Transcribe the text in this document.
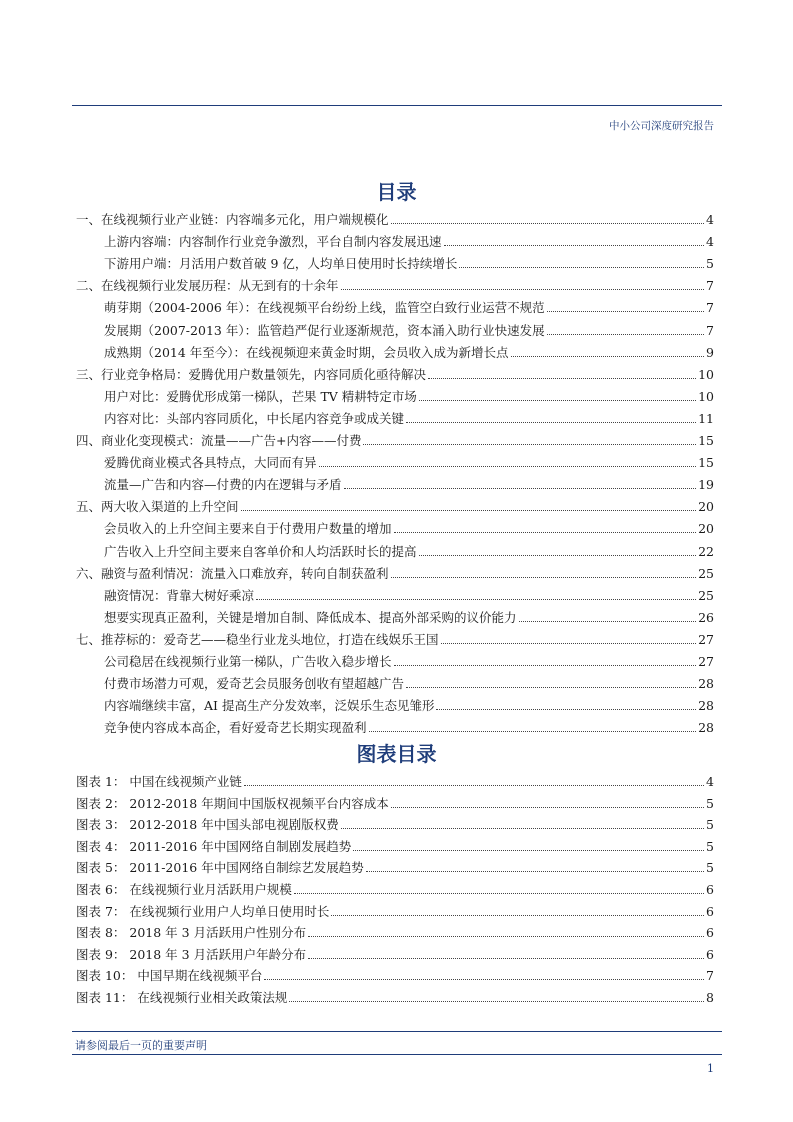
中小公司深度研究报告
目录
一、在线视频行业产业链：内容端多元化，用户端规模化	4
上游内容端：内容制作行业竞争激烈，平台自制内容发展迅速	4
下游用户端：月活用户数首破 9 亿，人均单日使用时长持续增长	5
二、在线视频行业发展历程：从无到有的十余年	7
萌芽期（2004-2006 年）：在线视频平台纷纷上线，监管空白致行业运营不规范	7
发展期（2007-2013 年）：监管趋严促行业逐渐规范，资本涌入助行业快速发展	7
成熟期（2014 年至今）：在线视频迎来黄金时期，会员收入成为新增长点	9
三、行业竞争格局：爱腾优用户数量领先，内容同质化亟待解决	10
用户对比：爱腾优形成第一梯队，芒果 TV 精耕特定市场	10
内容对比：头部内容同质化，中长尾内容竞争或成关键	11
四、商业化变现模式：流量——广告+内容——付费	15
爱腾优商业模式各具特点，大同而有异	15
流量—广告和内容—付费的内在逻辑与矛盾	19
五、两大收入渠道的上升空间	20
会员收入的上升空间主要来自于付费用户数量的增加	20
广告收入上升空间主要来自客单价和人均活跃时长的提高	22
六、融资与盈利情况：流量入口难放弃，转向自制获盈利	25
融资情况：背靠大树好乘凉	25
想要实现真正盈利，关键是增加自制、降低成本、提高外部采购的议价能力	26
七、推荐标的：爱奇艺——稳坐行业龙头地位，打造在线娱乐王国	27
公司稳居在线视频行业第一梯队，广告收入稳步增长	27
付费市场潜力可观，爱奇艺会员服务创收有望超越广告	28
内容端继续丰富，AI 提高生产分发效率，泛娱乐生态见雏形	28
竞争使内容成本高企，看好爱奇艺长期实现盈利	28
图表目录
图表 1： 中国在线视频产业链	4
图表 2： 2012-2018 年期间中国版权视频平台内容成本	5
图表 3： 2012-2018 年中国头部电视剧版权费	5
图表 4： 2011-2016 年中国网络自制剧发展趋势	5
图表 5： 2011-2016 年中国网络自制综艺发展趋势	5
图表 6： 在线视频行业月活跃用户规模	6
图表 7： 在线视频行业用户人均单日使用时长	6
图表 8： 2018 年 3 月活跃用户性别分布	6
图表 9： 2018 年 3 月活跃用户年龄分布	6
图表 10： 中国早期在线视频平台	7
图表 11： 在线视频行业相关政策法规	8
请参阅最后一页的重要声明
1
